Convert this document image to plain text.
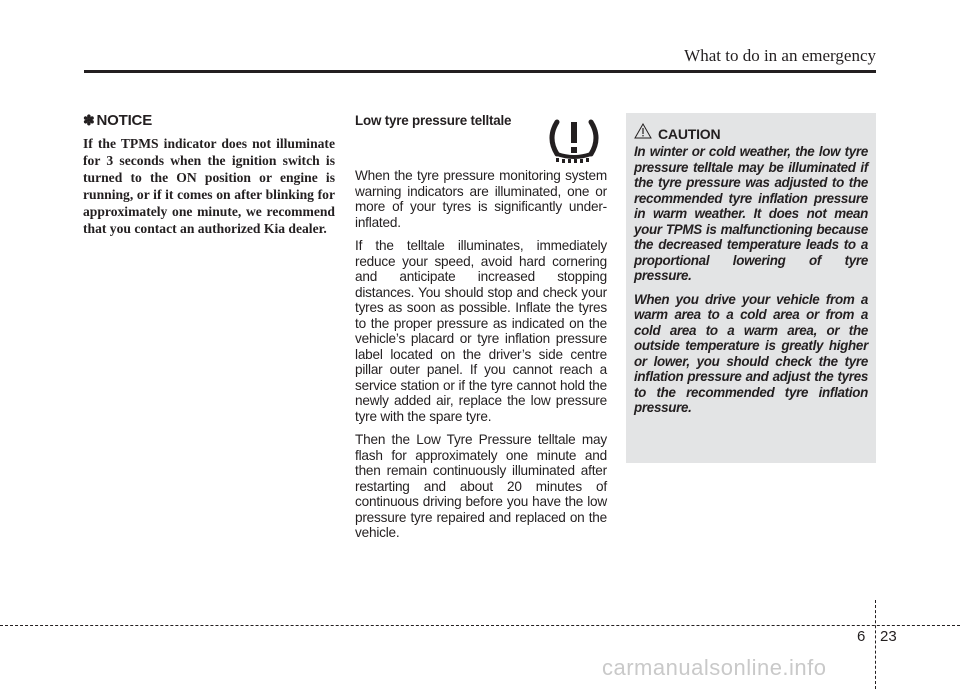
What to do in an emergency
✽ NOTICE

If the TPMS indicator does not illuminate for 3 seconds when the ignition switch is turned to the ON position or engine is running, or if it comes on after blinking for approximately one minute, we recommend that you contact an authorized Kia dealer.

Low tyre pressure telltale

When the tyre pressure monitoring system warning indicators are illuminated, one or more of your tyres is significantly under-inflated.

If the telltale illuminates, immediately reduce your speed, avoid hard cornering and anticipate increased stopping distances. You should stop and check your tyres as soon as possible. Inflate the tyres to the proper pressure as indicated on the vehicle’s placard or tyre inflation pressure label located on the driver’s side centre pillar outer panel. If you cannot reach a service station or if the tyre cannot hold the newly added air, replace the low pressure tyre with the spare tyre.

Then the Low Tyre Pressure telltale may flash for approximately one minute and then remain continuously illuminated after restarting and about 20 minutes of continuous driving before you have the low pressure tyre repaired and replaced on the vehicle.

CAUTION

In winter or cold weather, the low tyre pressure telltale may be illuminated if the tyre pressure was adjusted to the recommended tyre inflation pressure in warm weather. It does not mean your TPMS is malfunctioning because the decreased temperature leads to a proportional lowering of tyre pressure.

When you drive your vehicle from a warm area to a cold area or from a cold area to a warm area, or the outside temperature is greatly higher or lower, you should check the tyre inflation pressure and adjust the tyres to the recommended tyre inflation pressure.

6 23
carmanualsonline.info
